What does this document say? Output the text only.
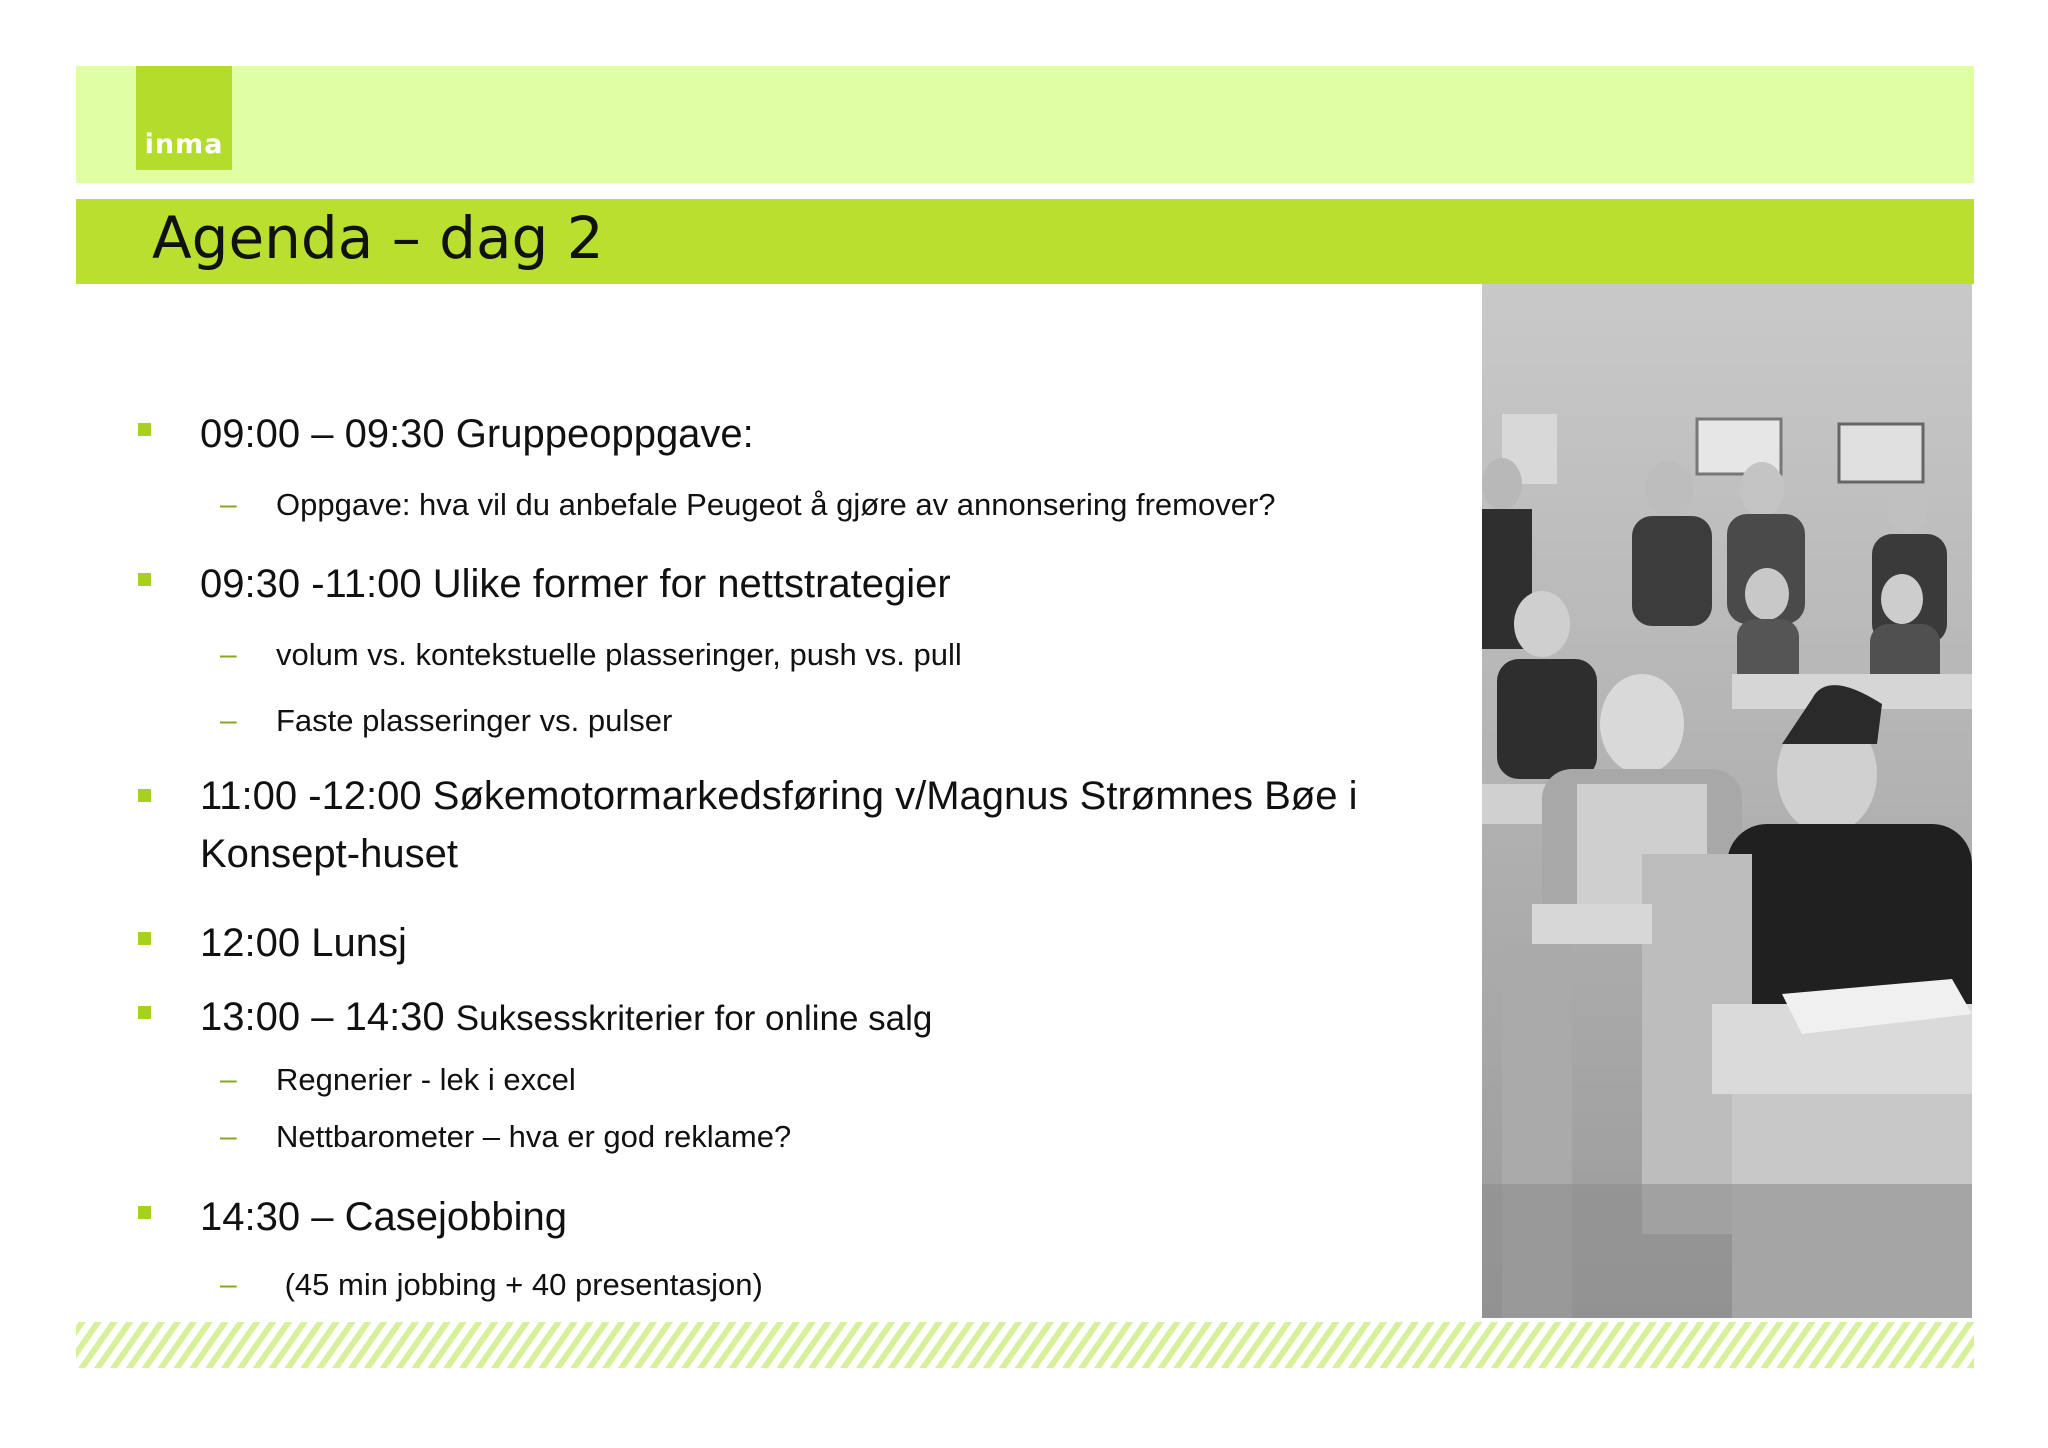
inma
Agenda – dag 2
09:00 – 09:30 Gruppeoppgave:
– Oppgave: hva vil du anbefale Peugeot å gjøre av annonsering fremover?
09:30 -11:00 Ulike former for nettstrategier
– volum vs. kontekstuelle plasseringer, push vs. pull
– Faste plasseringer vs. pulser
11:00 -12:00 Søkemotormarkedsføring v/Magnus Strømnes Bøe i Konsept-huset
12:00 Lunsj
13:00 – 14:30 Suksesskriterier for online salg
– Regnerier - lek i excel
– Nettbarometer – hva er god reklame?
14:30 – Casejobbing
– (45 min jobbing + 40 presentasjon)
